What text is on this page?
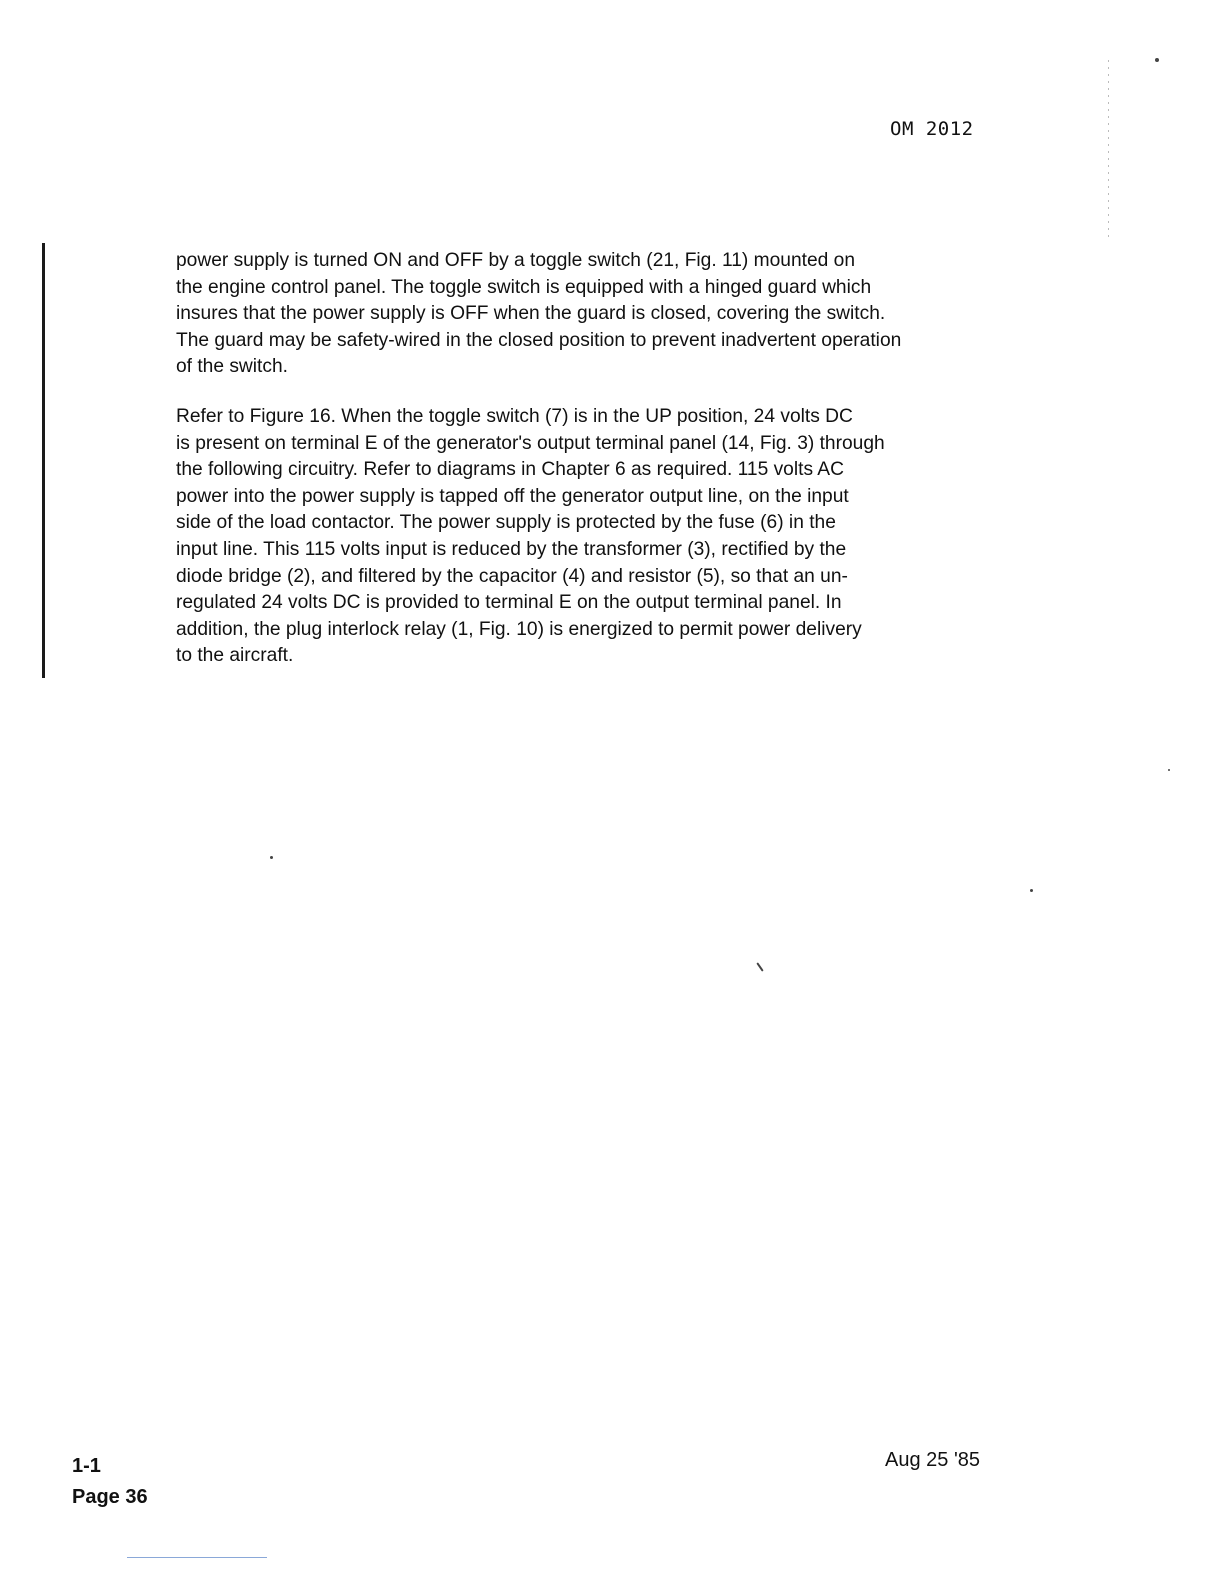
OM 2012
power supply is turned ON and OFF by a toggle switch (21, Fig. 11) mounted on
the engine control panel. The toggle switch is equipped with a hinged guard which
insures that the power supply is OFF when the guard is closed, covering the switch.
The guard may be safety-wired in the closed position to prevent inadvertent operation
of the switch.
Refer to Figure 16. When the toggle switch (7) is in the UP position, 24 volts DC
is present on terminal E of the generator's output terminal panel (14, Fig. 3) through
the following circuitry. Refer to diagrams in Chapter 6 as required. 115 volts AC
power into the power supply is tapped off the generator output line, on the input
side of the load contactor. The power supply is protected by the fuse (6) in the
input line. This 115 volts input is reduced by the transformer (3), rectified by the
diode bridge (2), and filtered by the capacitor (4) and resistor (5), so that an un-
regulated 24 volts DC is provided to terminal E on the output terminal panel. In
addition, the plug interlock relay (1, Fig. 10) is energized to permit power delivery
to the aircraft.
1-1
Page 36
Aug 25 '85
